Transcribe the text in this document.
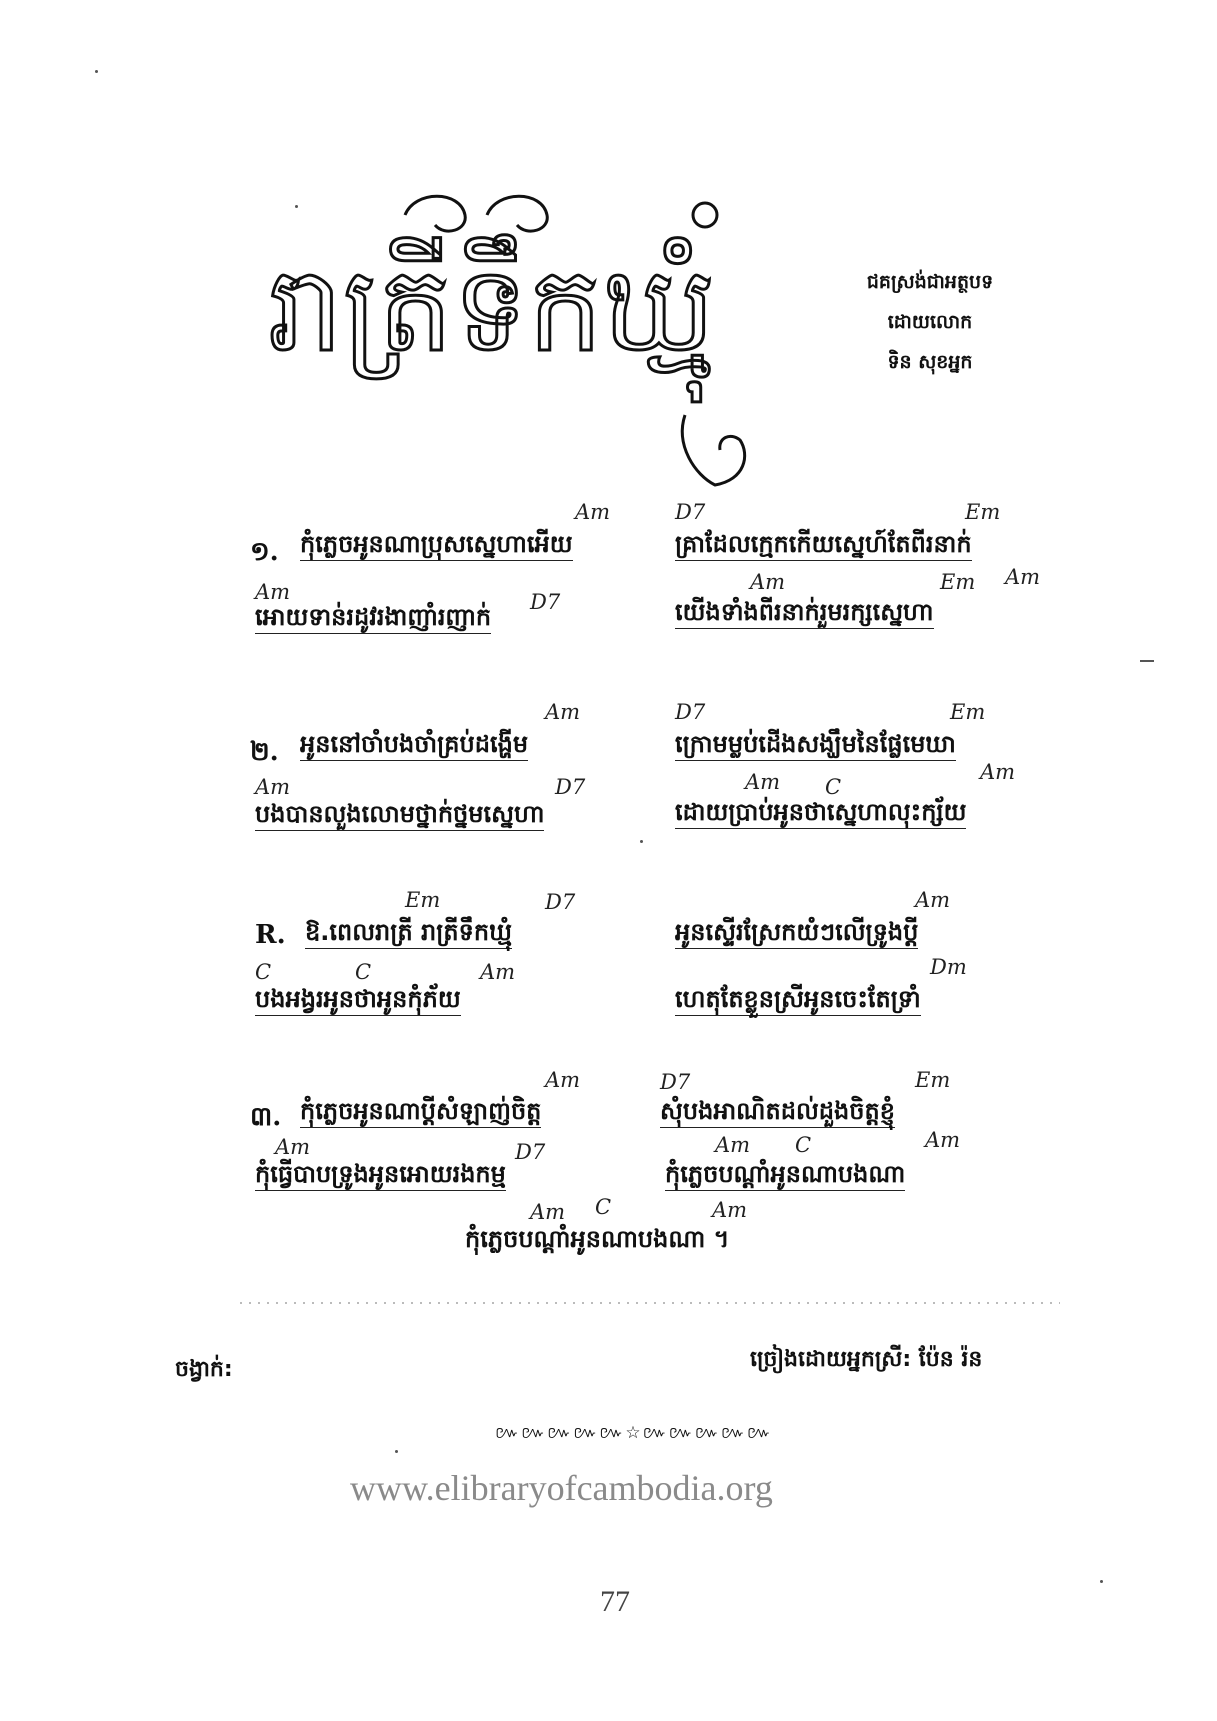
រាត្រីទឹកឃ្មុំ	ជគស្រង់ជាអត្ថបទ
ដោយលោក
ទិន សុខអ្នក
១.
Am
កុំភ្លេចអូនណាប្រុសស្នេហាអើយ
Am	D7
អោយទាន់រដូវរងាញាំរញាក់
D7	Em
គ្រាដែលក្មេកកើយស្នេហ៍តែពីរនាក់
Am	Em Am
យើងទាំងពីរនាក់រួមរក្សស្នេហា
២.
Am
អូននៅចាំបងចាំគ្រប់ដង្ហើម
Am	D7
បងបានលួងលោមថ្នាក់ថ្នមស្នេហា
D7	Em
ក្រោមម្លប់ដើងសង្ឃឹមនៃផ្លែមេឃា
Am C
Am
ដោយប្រាប់អូនថាស្នេហាលុះក្ស័យ
R.
Em	D7
ឱ.ពេលរាត្រី រាត្រីទឹកឃ្មុំ
C	C	Am
បងអង្វរអូនថាអូនកុំភ័យ
Am
អូនស្ទើរស្រែកយំៗលើទ្រូងប្តី
Dm
ហេតុតែខ្លួនស្រីអូនចេះតែទ្រាំ
៣.
Am
កុំភ្លេចអូនណាប្តីសំឡាញ់ចិត្ត
Am	D7
កុំធ្វើបាបទ្រូងអូនអោយរងកម្ម
D7	Em
សុំបងអាណិតដល់ដួងចិត្តខ្ញុំ
Am C	Am
កុំភ្លេចបណ្តាំអូនណាបងណា
Am C	Am
កុំភ្លេចបណ្តាំអូនណាបងណា ។
ចង្វាក់:	ច្រៀងដោយអ្នកស្រី: ប៉ែន រ៉ន
៚៚៚៚៚☆៚៚៚៚៚
www.elibraryofcambodia.org
77
